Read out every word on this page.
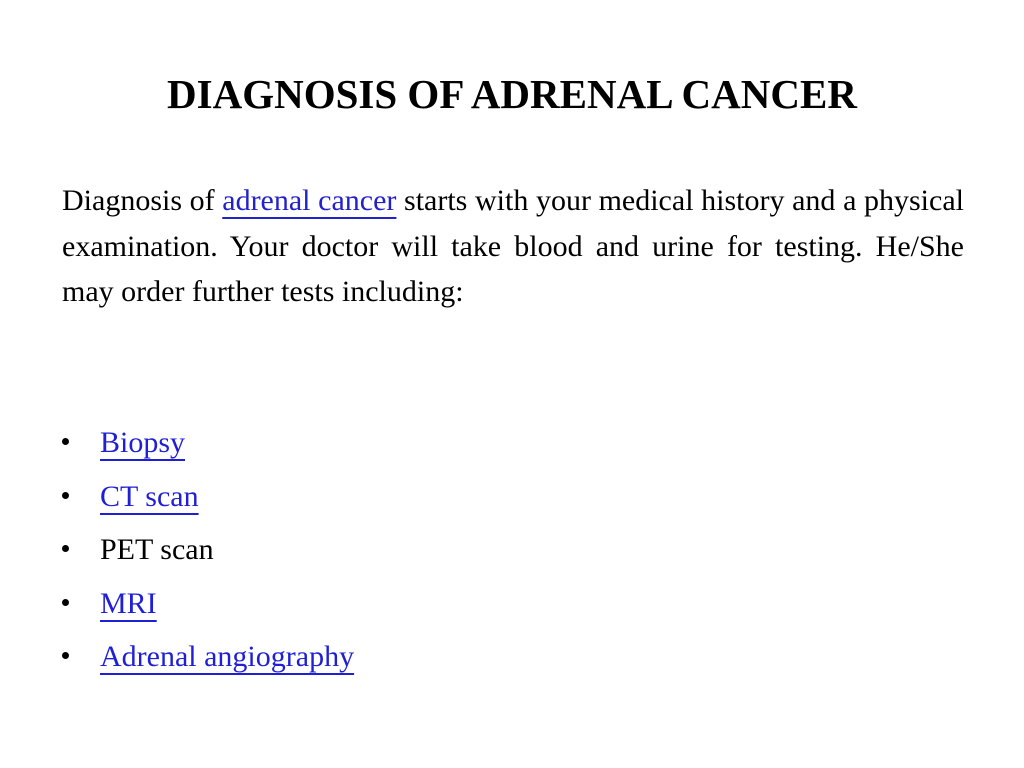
DIAGNOSIS OF ADRENAL CANCER

Diagnosis of adrenal cancer starts with your medical history and a physical examination. Your doctor will take blood and urine for testing. He/She may order further tests including:

Biopsy
CT scan
PET scan
MRI
Adrenal angiography
